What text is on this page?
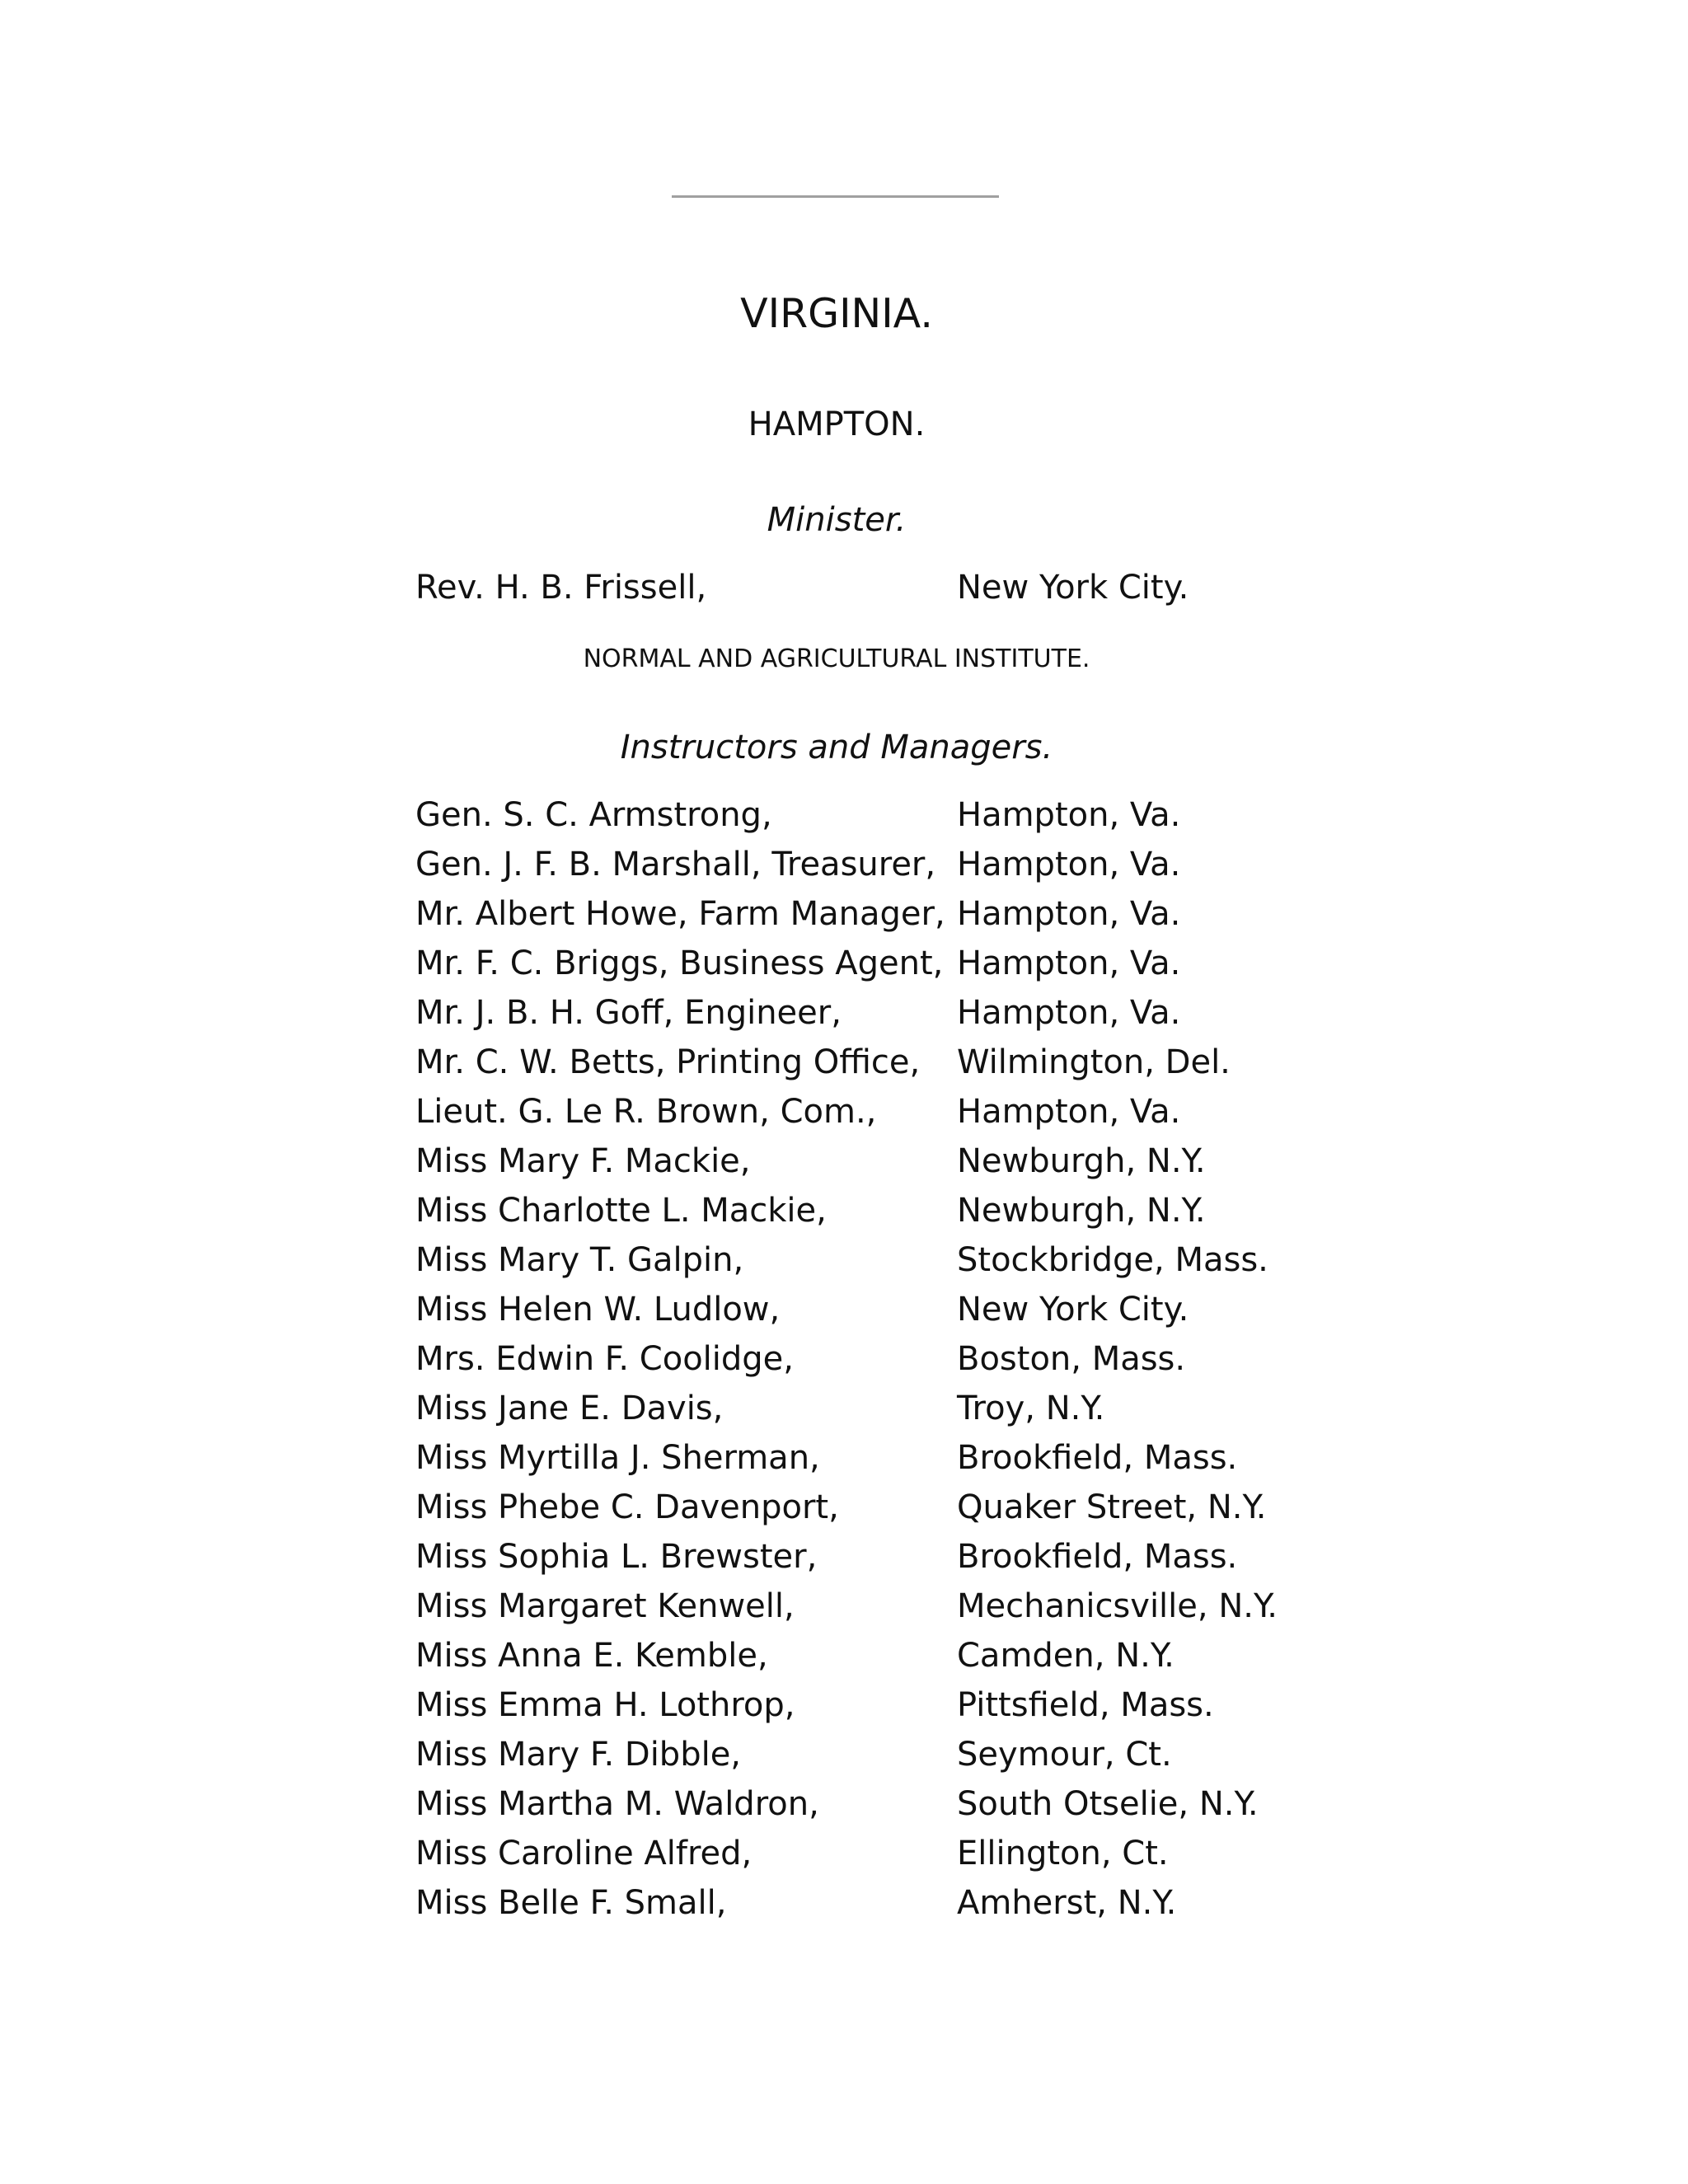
VIRGINIA.
HAMPTON.
Minister.
Rev. H. B. Frissell,	New York City.
NORMAL AND AGRICULTURAL INSTITUTE.
Instructors and Managers.
Gen. S. C. Armstrong,	Hampton, Va.
Gen. J. F. B. Marshall, Treasurer, Hampton, Va.
Mr. Albert Howe, Farm Manager, Hampton, Va.
Mr. F. C. Briggs, Business Agent, Hampton, Va.
Mr. J. B. H. Goff, Engineer,	Hampton, Va.
Mr. C. W. Betts, Printing Office, Wilmington, Del.
Lieut. G. Le R. Brown, Com., Hampton, Va.
Miss Mary F. Mackie,	Newburgh, N.Y.
Miss Charlotte L. Mackie,	Newburgh, N.Y.
Miss Mary T. Galpin,	Stockbridge, Mass.
Miss Helen W. Ludlow,	New York City.
Mrs. Edwin F. Coolidge,	Boston, Mass.
Miss Jane E. Davis,	Troy, N.Y.
Miss Myrtilla J. Sherman,	Brookfield, Mass.
Miss Phebe C. Davenport,	Quaker Street, N.Y.
Miss Sophia L. Brewster,	Brookfield, Mass.
Miss Margaret Kenwell,	Mechanicsville, N.Y.
Miss Anna E. Kemble,	Camden, N.Y.
Miss Emma H. Lothrop,	Pittsfield, Mass.
Miss Mary F. Dibble,	Seymour, Ct.
Miss Martha M. Waldron,	South Otselie, N.Y.
Miss Caroline Alfred,	Ellington, Ct.
Miss Belle F. Small,	Amherst, N.Y.
